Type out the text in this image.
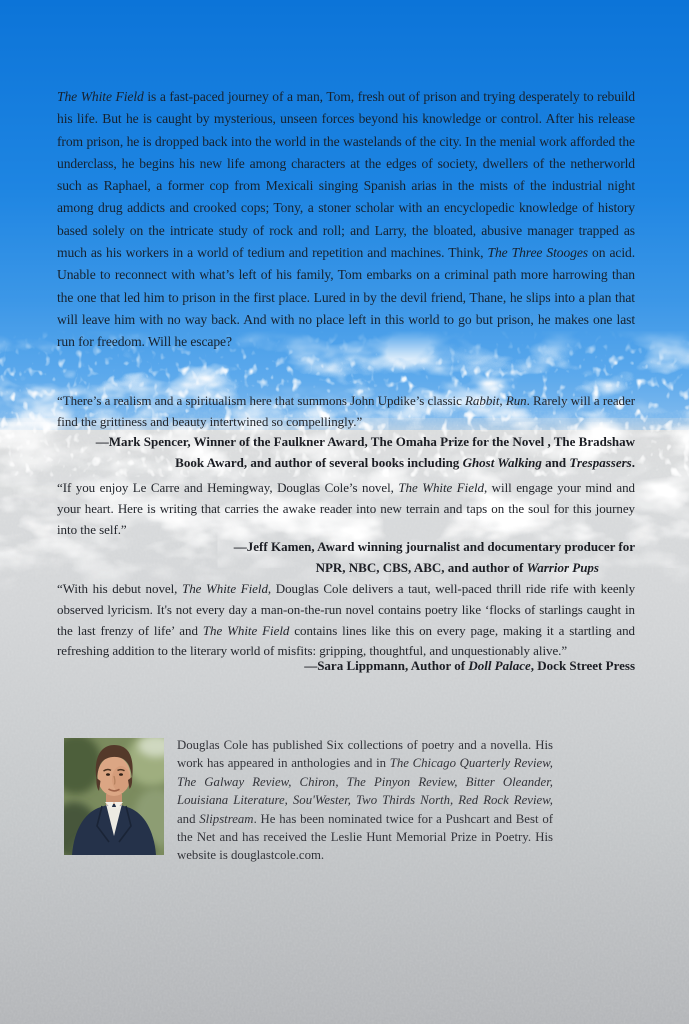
The White Field is a fast-paced journey of a man, Tom, fresh out of prison and trying desperately to rebuild his life. But he is caught by mysterious, unseen forces beyond his knowledge or control. After his release from prison, he is dropped back into the world in the wastelands of the city. In the menial work afforded the underclass, he begins his new life among characters at the edges of society, dwellers of the netherworld such as Raphael, a former cop from Mexicali singing Spanish arias in the mists of the industrial night among drug addicts and crooked cops; Tony, a stoner scholar with an encyclopedic knowledge of history based solely on the intricate study of rock and roll; and Larry, the bloated, abusive manager trapped as much as his workers in a world of tedium and repetition and machines. Think, The Three Stooges on acid. Unable to reconnect with what’s left of his family, Tom embarks on a criminal path more harrowing than the one that led him to prison in the first place. Lured in by the devil friend, Thane, he slips into a plan that will leave him with no way back. And with no place left in this world to go but prison, he makes one last run for freedom. Will he escape?
“There’s a realism and a spiritualism here that summons John Updike’s classic Rabbit, Run. Rarely will a reader find the grittiness and beauty intertwined so compellingly.”
—Mark Spencer, Winner of the Faulkner Award, The Omaha Prize for the Novel , The Bradshaw
Book Award, and author of several books including Ghost Walking and Trespassers.
“If you enjoy Le Carre and Hemingway, Douglas Cole’s novel, The White Field, will engage your mind and your heart. Here is writing that carries the awake reader into new terrain and taps on the soul for this journey into the self.”
—Jeff Kamen, Award winning journalist and documentary producer for
NPR, NBC, CBS, ABC, and author of Warrior Pups
“With his debut novel, The White Field, Douglas Cole delivers a taut, well-paced thrill ride rife with keenly observed lyricism. It's not every day a man-on-the-run novel contains poetry like ‘flocks of starlings caught in the last frenzy of life’ and The White Field contains lines like this on every page, making it a startling and refreshing addition to the literary world of misfits: gripping, thoughtful, and unquestionably alive.”
—Sara Lippmann, Author of Doll Palace, Dock Street Press
Douglas Cole has published Six collections of poetry and a novella. His work has appeared in anthologies and in The Chicago Quarterly Review, The Galway Review, Chiron, The Pinyon Review, Bitter Oleander, Louisiana Literature, Sou'Wester, Two Thirds North, Red Rock Review, and Slipstream. He has been nominated twice for a Pushcart and Best of the Net and has received the Leslie Hunt Memorial Prize in Poetry. His website is douglastcole.com.
